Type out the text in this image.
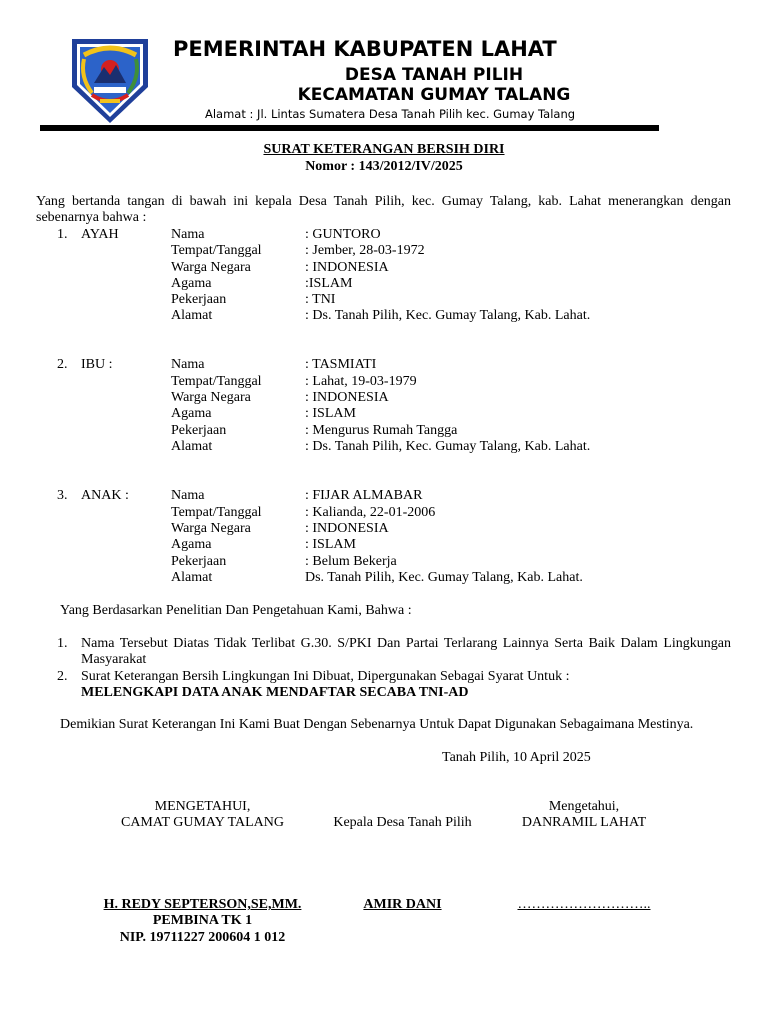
PEMERINTAH KABUPATEN LAHAT
DESA TANAH PILIH
KECAMATAN GUMAY TALANG
Alamat : Jl. Lintas Sumatera Desa Tanah Pilih kec. Gumay Talang
SURAT KETERANGAN BERSIH DIRI
Nomor : 143/2012/IV/2025
Yang bertanda tangan di bawah ini kepala Desa Tanah Pilih, kec. Gumay Talang, kab. Lahat menerangkan dengan sebenarnya bahwa :
1. AYAH	Nama	: GUNTORO
Tempat/Tanggal	: Jember, 28-03-1972
Warga Negara	: INDONESIA
Agama	:ISLAM
Pekerjaan	: TNI
Alamat	: Ds. Tanah Pilih, Kec. Gumay Talang, Kab. Lahat.
2. IBU :	Nama	: TASMIATI
Tempat/Tanggal	: Lahat, 19-03-1979
Warga Negara	: INDONESIA
Agama	: ISLAM
Pekerjaan	: Mengurus Rumah Tangga
Alamat	: Ds. Tanah Pilih, Kec. Gumay Talang, Kab. Lahat.
3. ANAK :	Nama	: FIJAR ALMABAR
Tempat/Tanggal	: Kalianda, 22-01-2006
Warga Negara	: INDONESIA
Agama	: ISLAM
Pekerjaan	: Belum Bekerja
Alamat	Ds. Tanah Pilih, Kec. Gumay Talang, Kab. Lahat.
Yang Berdasarkan Penelitian Dan Pengetahuan Kami, Bahwa :
1. Nama Tersebut Diatas Tidak Terlibat G.30. S/PKI Dan Partai Terlarang Lainnya Serta Baik Dalam Lingkungan Masyarakat
2. Surat Keterangan Bersih Lingkungan Ini Dibuat, Dipergunakan Sebagai Syarat Untuk :
MELENGKAPI DATA ANAK MENDAFTAR SECABA TNI-AD
Demikian Surat Keterangan Ini Kami Buat Dengan Sebenarnya Untuk Dapat Digunakan Sebagaimana Mestinya.
Tanah Pilih, 10 April 2025
MENGETAHUI,
CAMAT GUMAY TALANG	Kepala Desa Tanah Pilih
Mengetahui,
DANRAMIL LAHAT
H. REDY SEPTERSON,SE,MM.
PEMBINA TK 1
NIP. 19711227 200604 1 012
AMIR DANI	………………………..
